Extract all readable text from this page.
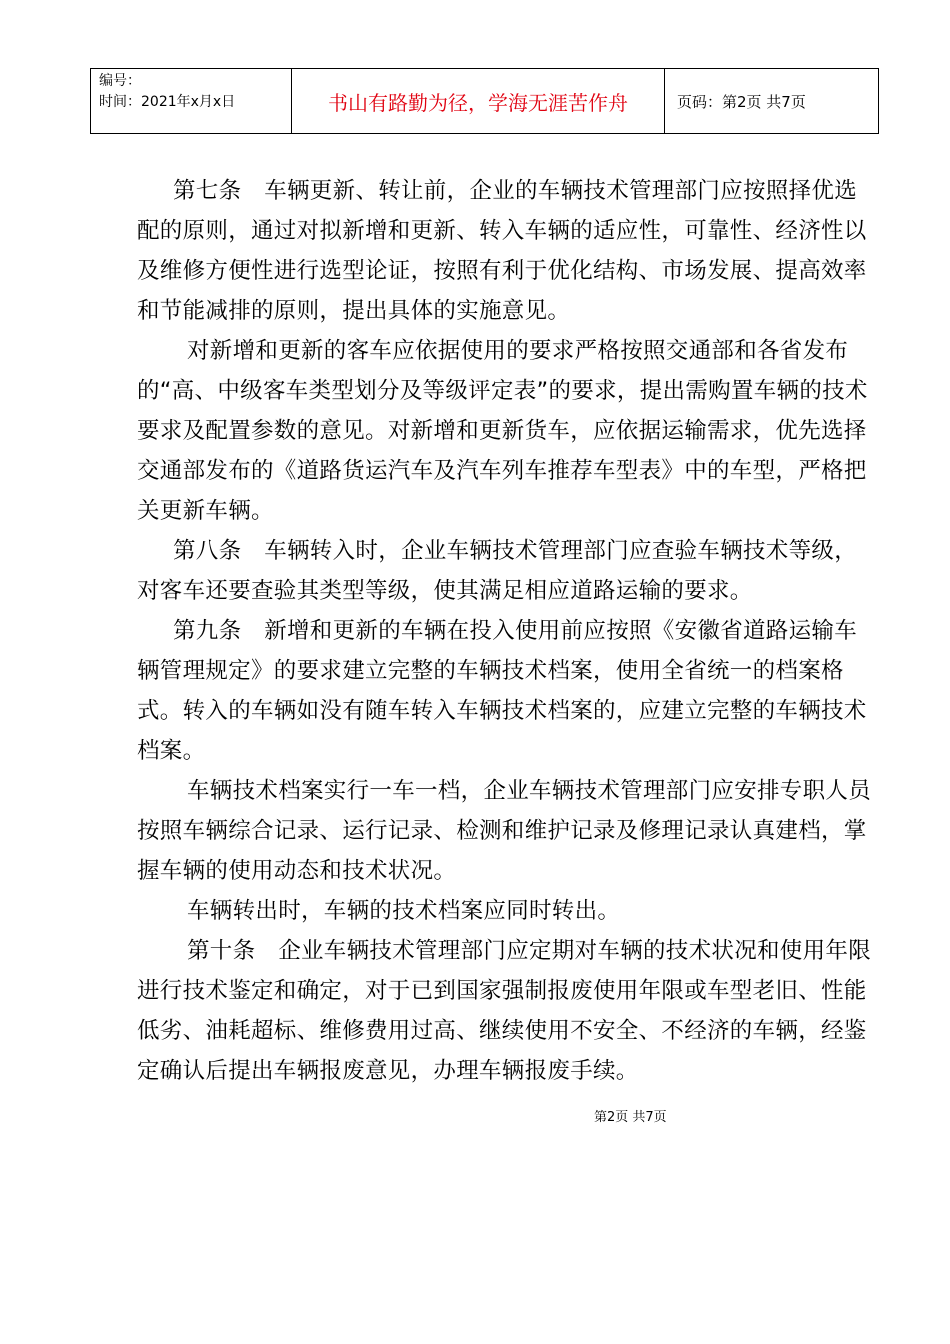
编号：
时间：2021年x月x日	书山有路勤为径，学海无涯苦作舟	页码：第2页 共7页

第七条　车辆更新、转让前，企业的车辆技术管理部门应按照择优选配的原则，通过对拟新增和更新、转入车辆的适应性，可靠性、经济性以及维修方便性进行选型论证，按照有利于优化结构、市场发展、提高效率和节能减排的原则，提出具体的实施意见。

对新增和更新的客车应依据使用的要求严格按照交通部和各省发布的“高、中级客车类型划分及等级评定表”的要求，提出需购置车辆的技术要求及配置参数的意见。对新增和更新货车，应依据运输需求，优先选择交通部发布的《道路货运汽车及汽车列车推荐车型表》中的车型，严格把关更新车辆。

第八条　车辆转入时，企业车辆技术管理部门应查验车辆技术等级，对客车还要查验其类型等级，使其满足相应道路运输的要求。

第九条　新增和更新的车辆在投入使用前应按照《安徽省道路运输车辆管理规定》的要求建立完整的车辆技术档案，使用全省统一的档案格式。转入的车辆如没有随车转入车辆技术档案的，应建立完整的车辆技术档案。

车辆技术档案实行一车一档，企业车辆技术管理部门应安排专职人员按照车辆综合记录、运行记录、检测和维护记录及修理记录认真建档，掌握车辆的使用动态和技术状况。

车辆转出时，车辆的技术档案应同时转出。

第十条　企业车辆技术管理部门应定期对车辆的技术状况和使用年限进行技术鉴定和确定，对于已到国家强制报废使用年限或车型老旧、性能低劣、油耗超标、维修费用过高、继续使用不安全、不经济的车辆，经鉴定确认后提出车辆报废意见，办理车辆报废手续。

第2页 共7页
